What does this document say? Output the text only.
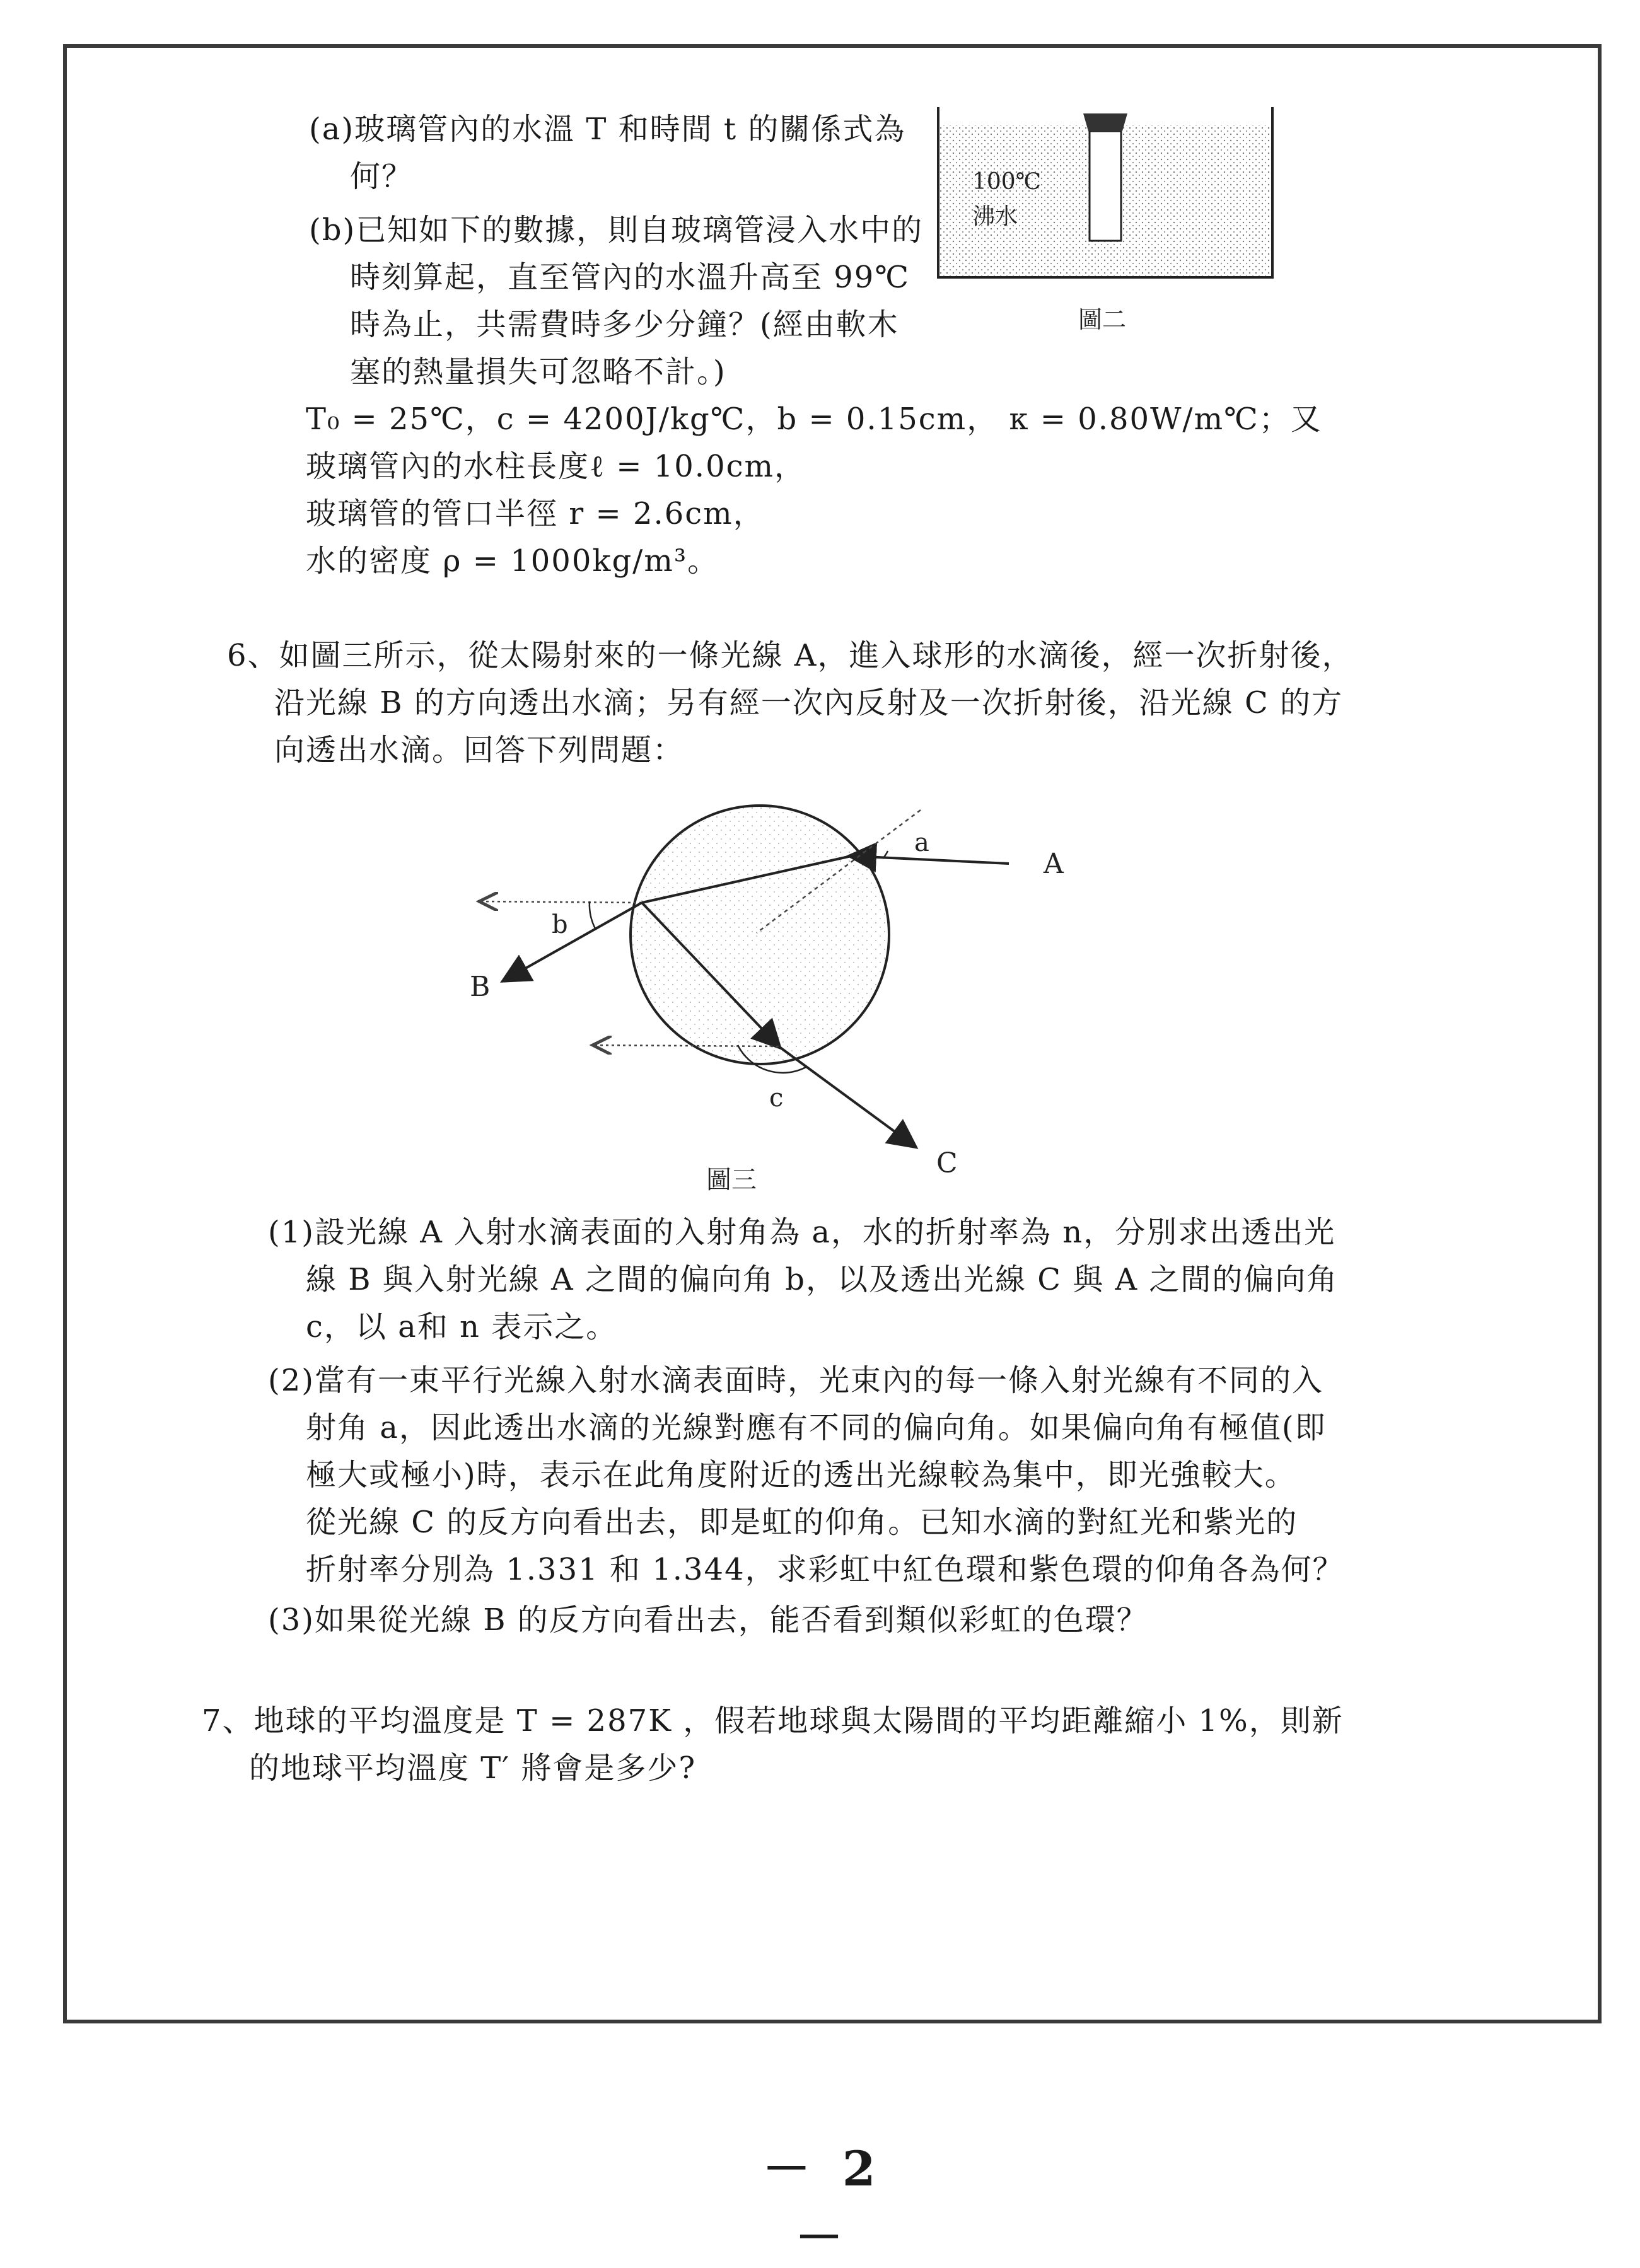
(a)玻璃管內的水溫 T 和時間 t 的關係式為
何？
(b)已知如下的數據，則自玻璃管浸入水中的
時刻算起，直至管內的水溫升高至 99℃
時為止，共需費時多少分鐘？(經由軟木
塞的熱量損失可忽略不計。)
T₀ = 25℃，c = 4200J/kg℃，b = 0.15cm， κ = 0.80W/m℃；又
玻璃管內的水柱長度ℓ = 10.0cm，
玻璃管的管口半徑 r = 2.6cm，
水的密度 ρ = 1000kg/m³。
100℃
沸水
圖二
6、如圖三所示，從太陽射來的一條光線 A，進入球形的水滴後，經一次折射後，
沿光線 B 的方向透出水滴；另有經一次內反射及一次折射後，沿光線 C 的方
向透出水滴。回答下列問題：
a
A
b
B
c
C
圖三
(1)設光線 A 入射水滴表面的入射角為 a，水的折射率為 n，分別求出透出光
線 B 與入射光線 A 之間的偏向角 b，以及透出光線 C 與 A 之間的偏向角
c，以 a和 n 表示之。
(2)當有一束平行光線入射水滴表面時，光束內的每一條入射光線有不同的入
射角 a，因此透出水滴的光線對應有不同的偏向角。如果偏向角有極值(即
極大或極小)時，表示在此角度附近的透出光線較為集中，即光強較大。
從光線 C 的反方向看出去，即是虹的仰角。已知水滴的對紅光和紫光的
折射率分別為 1.331 和 1.344，求彩虹中紅色環和紫色環的仰角各為何？
(3)如果從光線 B 的反方向看出去，能否看到類似彩虹的色環？
7、地球的平均溫度是 T = 287K ，假若地球與太陽間的平均距離縮小 1%，則新
的地球平均溫度 T′ 將會是多少?
－ 2 －
